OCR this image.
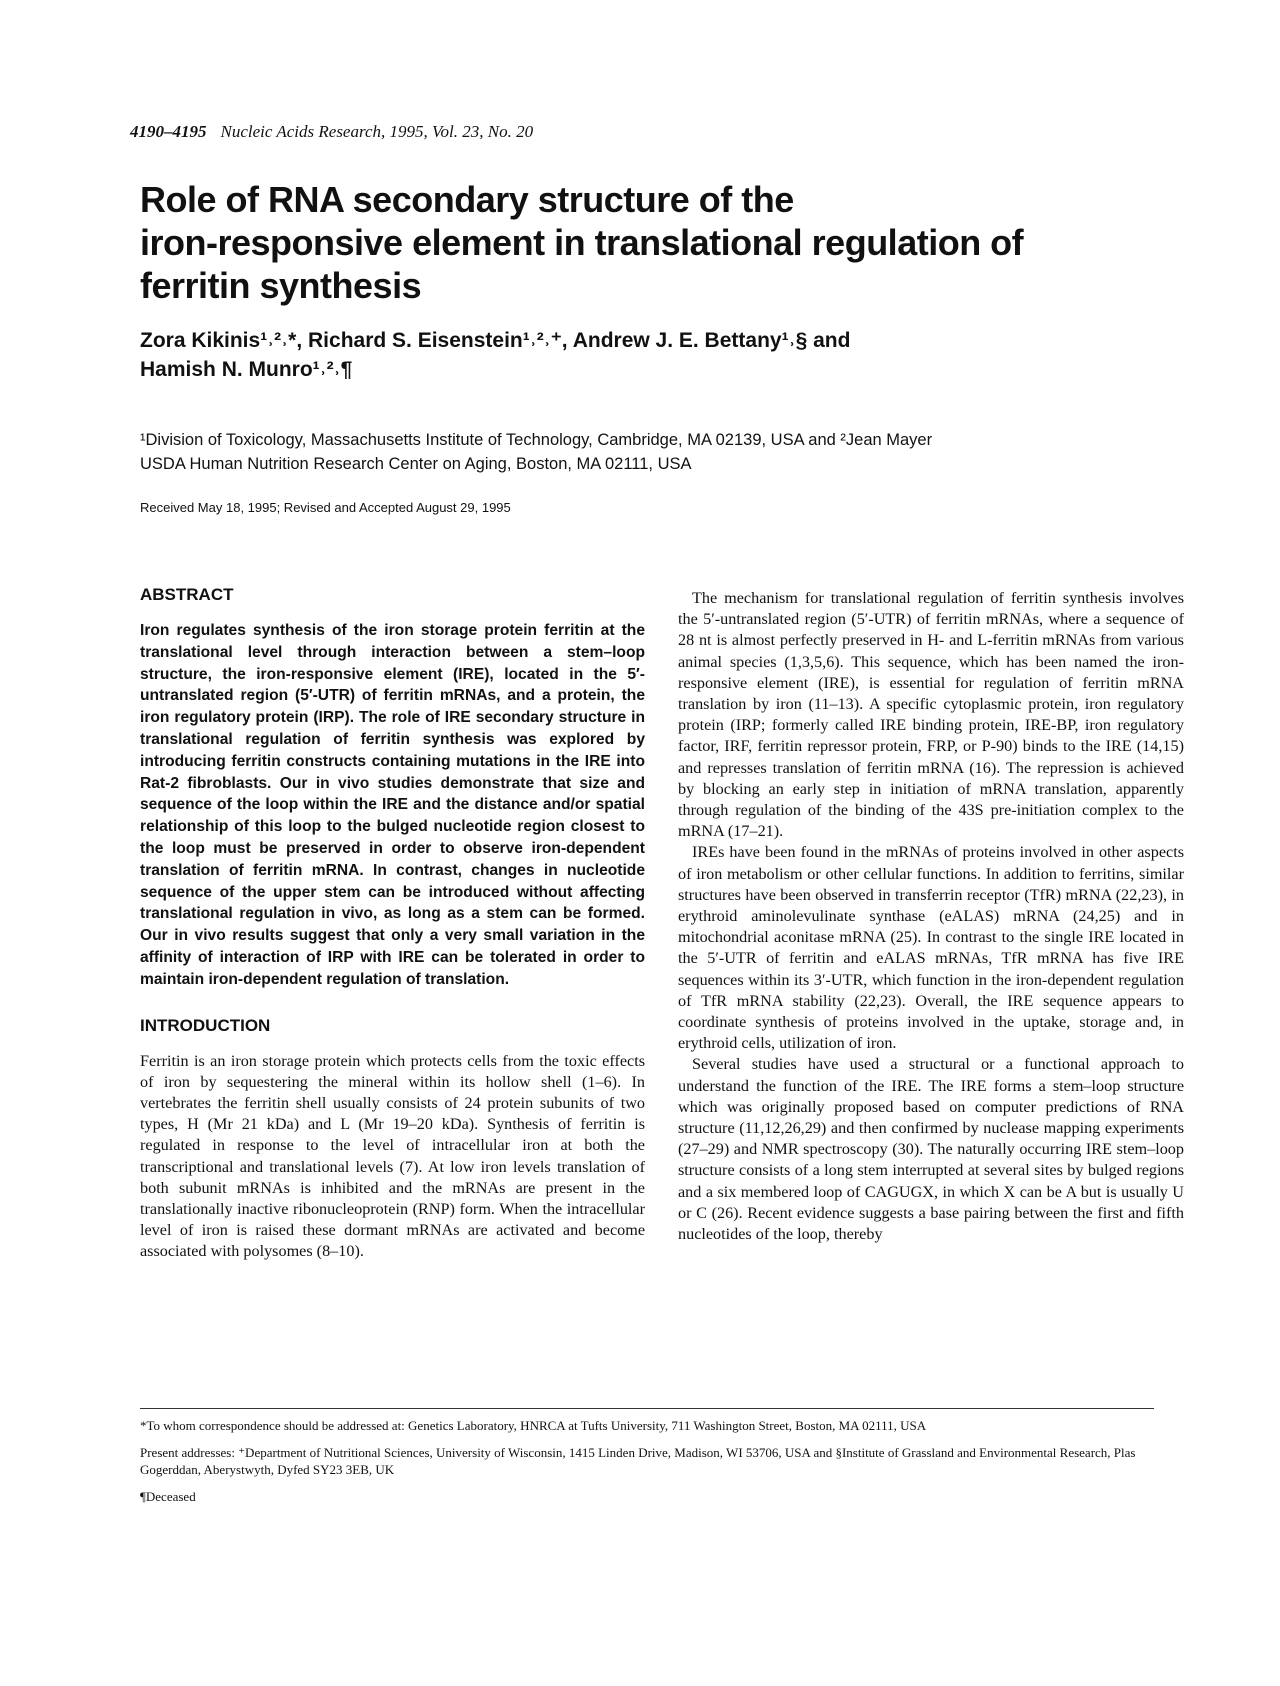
4190–4195 Nucleic Acids Research, 1995, Vol. 23, No. 20
Role of RNA secondary structure of the
iron-responsive element in translational regulation of
ferritin synthesis
Zora Kikinis¹˒²˒*, Richard S. Eisenstein¹˒²˒⁺, Andrew J. E. Bettany¹˒§ and
Hamish N. Munro¹˒²˒¶
¹Division of Toxicology, Massachusetts Institute of Technology, Cambridge, MA 02139, USA and ²Jean Mayer
USDA Human Nutrition Research Center on Aging, Boston, MA 02111, USA
Received May 18, 1995; Revised and Accepted August 29, 1995
ABSTRACT

Iron regulates synthesis of the iron storage protein ferritin at the translational level through interaction between a stem–loop structure, the iron-responsive element (IRE), located in the 5′-untranslated region (5′-UTR) of ferritin mRNAs, and a protein, the iron regulatory protein (IRP). The role of IRE secondary structure in translational regulation of ferritin synthesis was explored by introducing ferritin constructs containing mutations in the IRE into Rat-2 fibroblasts. Our in vivo studies demonstrate that size and sequence of the loop within the IRE and the distance and/or spatial relationship of this loop to the bulged nucleotide region closest to the loop must be preserved in order to observe iron-dependent translation of ferritin mRNA. In contrast, changes in nucleotide sequence of the upper stem can be introduced without affecting translational regulation in vivo, as long as a stem can be formed. Our in vivo results suggest that only a very small variation in the affinity of interaction of IRP with IRE can be tolerated in order to maintain iron-dependent regulation of translation.

INTRODUCTION

Ferritin is an iron storage protein which protects cells from the toxic effects of iron by sequestering the mineral within its hollow shell (1–6). In vertebrates the ferritin shell usually consists of 24 protein subunits of two types, H (Mr 21 kDa) and L (Mr 19–20 kDa). Synthesis of ferritin is regulated in response to the level of intracellular iron at both the transcriptional and translational levels (7). At low iron levels translation of both subunit mRNAs is inhibited and the mRNAs are present in the translationally inactive ribonucleoprotein (RNP) form. When the intracellular level of iron is raised these dormant mRNAs are activated and become associated with polysomes (8–10).

The mechanism for translational regulation of ferritin synthesis involves the 5′-untranslated region (5′-UTR) of ferritin mRNAs, where a sequence of 28 nt is almost perfectly preserved in H- and L-ferritin mRNAs from various animal species (1,3,5,6). This sequence, which has been named the iron-responsive element (IRE), is essential for regulation of ferritin mRNA translation by iron (11–13). A specific cytoplasmic protein, iron regulatory protein (IRP; formerly called IRE binding protein, IRE-BP, iron regulatory factor, IRF, ferritin repressor protein, FRP, or P-90) binds to the IRE (14,15) and represses translation of ferritin mRNA (16). The repression is achieved by blocking an early step in initiation of mRNA translation, apparently through regulation of the binding of the 43S pre-initiation complex to the mRNA (17–21).

IREs have been found in the mRNAs of proteins involved in other aspects of iron metabolism or other cellular functions. In addition to ferritins, similar structures have been observed in transferrin receptor (TfR) mRNA (22,23), in erythroid aminolevulinate synthase (eALAS) mRNA (24,25) and in mitochondrial aconitase mRNA (25). In contrast to the single IRE located in the 5′-UTR of ferritin and eALAS mRNAs, TfR mRNA has five IRE sequences within its 3′-UTR, which function in the iron-dependent regulation of TfR mRNA stability (22,23). Overall, the IRE sequence appears to coordinate synthesis of proteins involved in the uptake, storage and, in erythroid cells, utilization of iron.

Several studies have used a structural or a functional approach to understand the function of the IRE. The IRE forms a stem–loop structure which was originally proposed based on computer predictions of RNA structure (11,12,26,29) and then confirmed by nuclease mapping experiments (27–29) and NMR spectroscopy (30). The naturally occurring IRE stem–loop structure consists of a long stem interrupted at several sites by bulged regions and a six membered loop of CAGUGX, in which X can be A but is usually U or C (26). Recent evidence suggests a base pairing between the first and fifth nucleotides of the loop, thereby

*To whom correspondence should be addressed at: Genetics Laboratory, HNRCA at Tufts University, 711 Washington Street, Boston, MA 02111, USA

Present addresses: ⁺Department of Nutritional Sciences, University of Wisconsin, 1415 Linden Drive, Madison, WI 53706, USA and §Institute of Grassland and Environmental Research, Plas Gogerddan, Aberystwyth, Dyfed SY23 3EB, UK

¶Deceased
